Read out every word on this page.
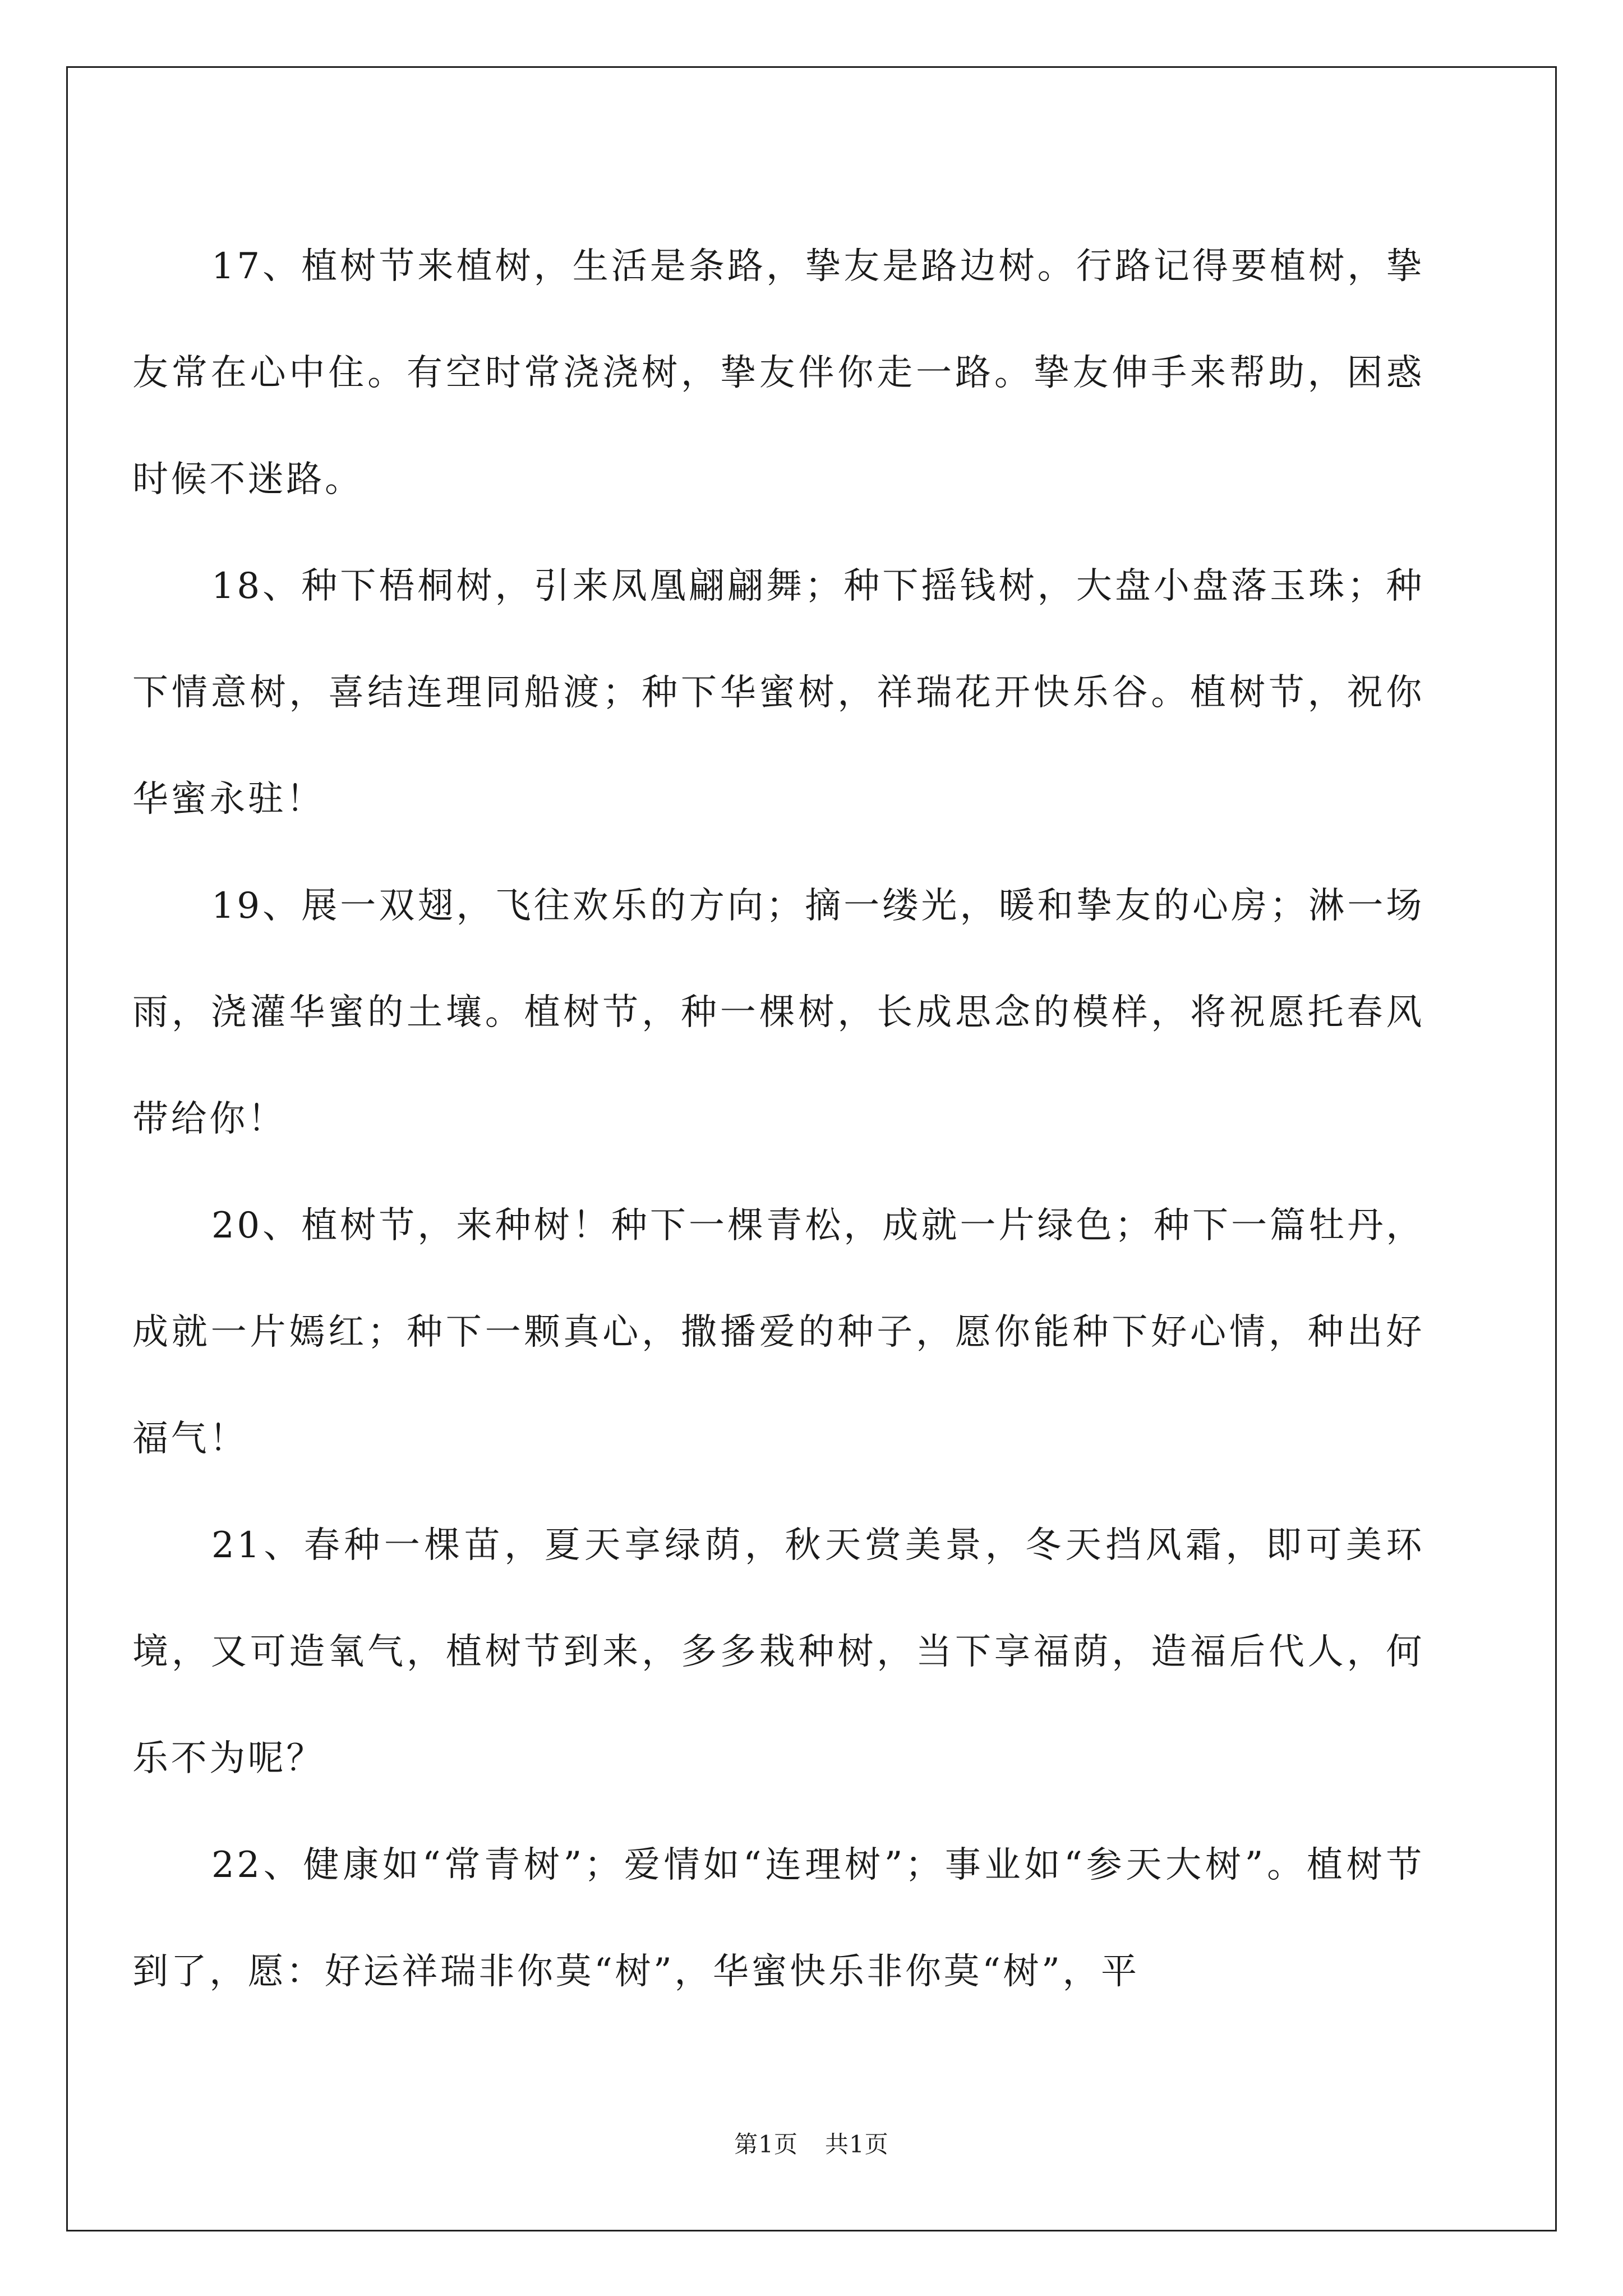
17、植树节来植树，生活是条路，挚友是路边树。行路记得要植树，挚友常在心中住。有空时常浇浇树，挚友伴你走一路。挚友伸手来帮助，困惑时候不迷路。

18、种下梧桐树，引来凤凰翩翩舞；种下摇钱树，大盘小盘落玉珠；种下情意树，喜结连理同船渡；种下华蜜树，祥瑞花开快乐谷。植树节，祝你华蜜永驻！

19、展一双翅，飞往欢乐的方向；摘一缕光，暖和挚友的心房；淋一场雨，浇灌华蜜的土壤。植树节，种一棵树，长成思念的模样，将祝愿托春风带给你！

20、植树节，来种树！种下一棵青松，成就一片绿色；种下一篇牡丹，成就一片嫣红；种下一颗真心，撒播爱的种子，愿你能种下好心情，种出好福气！

21、春种一棵苗，夏天享绿荫，秋天赏美景，冬天挡风霜，即可美环境，又可造氧气，植树节到来，多多栽种树，当下享福荫，造福后代人，何乐不为呢？

22、健康如“常青树”；爱情如“连理树”；事业如“参天大树”。植树节到了，愿：好运祥瑞非你莫“树”，华蜜快乐非你莫“树”，平

第1页 共1页
